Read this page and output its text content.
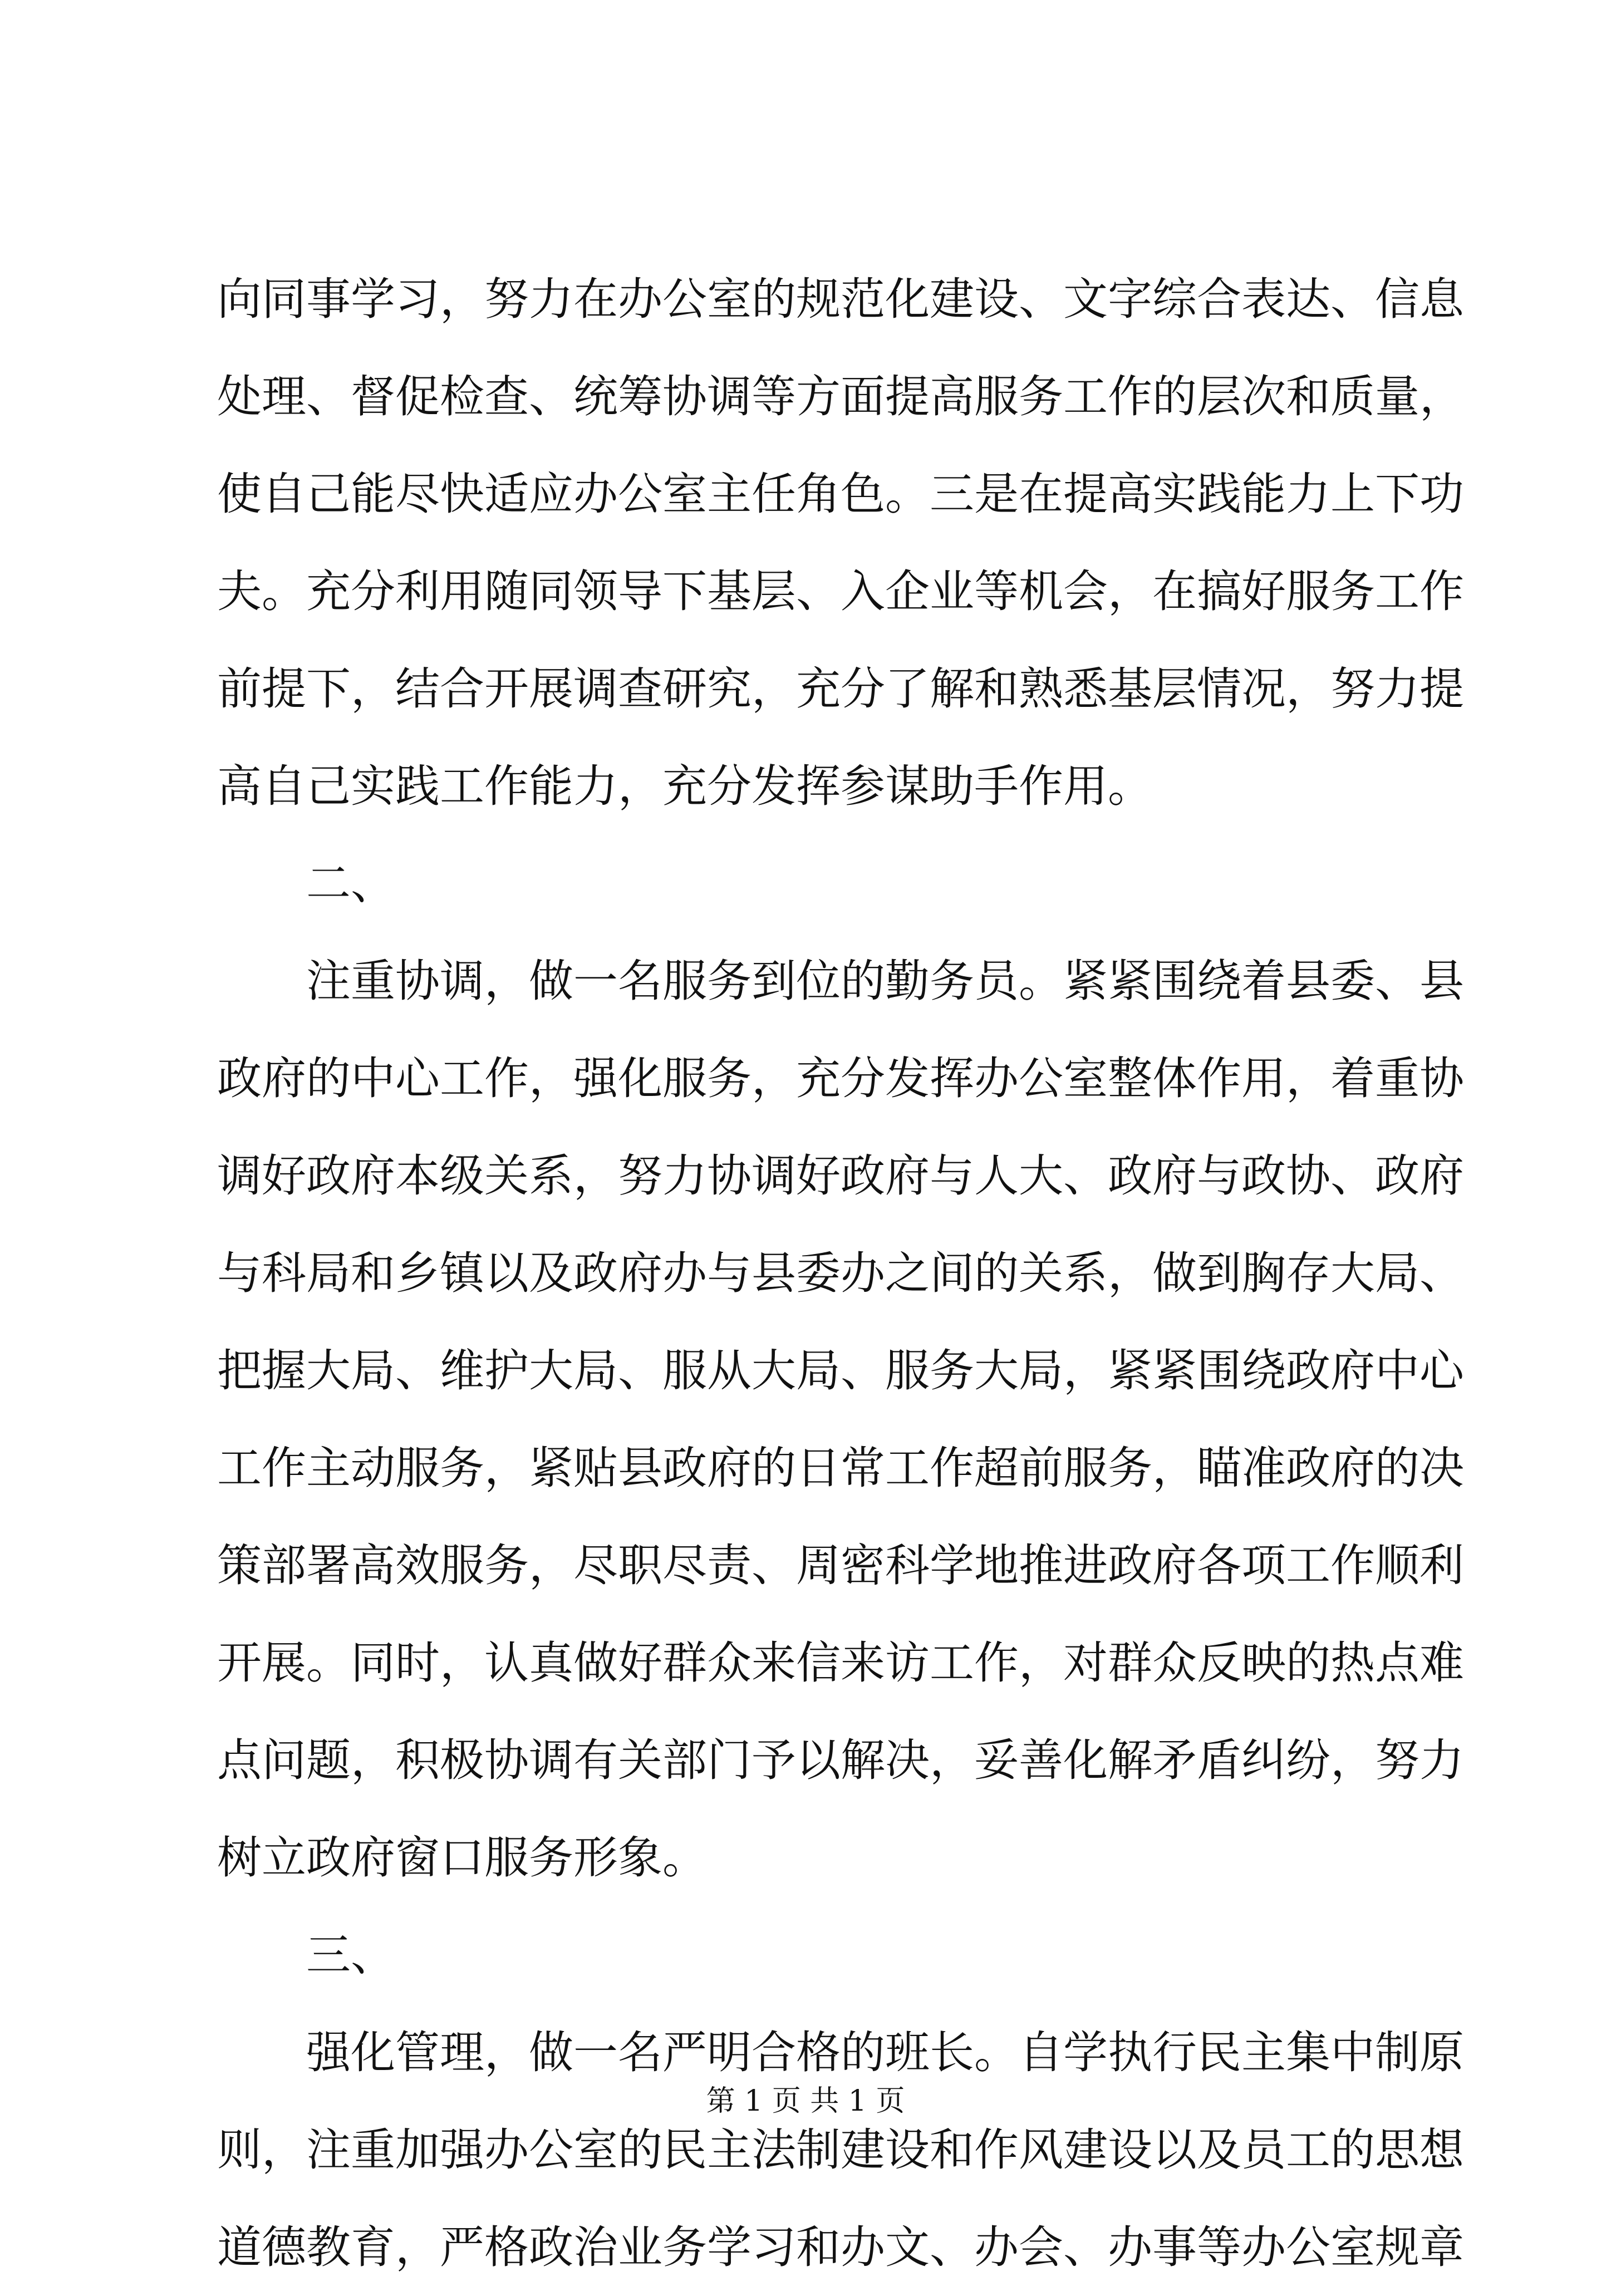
向同事学习，努力在办公室的规范化建设、文字综合表达、信息
处理、督促检查、统筹协调等方面提高服务工作的层次和质量，
使自己能尽快适应办公室主任角色。三是在提高实践能力上下功
夫。充分利用随同领导下基层、入企业等机会，在搞好服务工作
前提下，结合开展调查研究，充分了解和熟悉基层情况，努力提
高自己实践工作能力，充分发挥参谋助手作用。
二、
注重协调，做一名服务到位的勤务员。紧紧围绕着县委、县
政府的中心工作，强化服务，充分发挥办公室整体作用，着重协
调好政府本级关系，努力协调好政府与人大、政府与政协、政府
与科局和乡镇以及政府办与县委办之间的关系，做到胸存大局、
把握大局、维护大局、服从大局、服务大局，紧紧围绕政府中心
工作主动服务，紧贴县政府的日常工作超前服务，瞄准政府的决
策部署高效服务，尽职尽责、周密科学地推进政府各项工作顺利
开展。同时，认真做好群众来信来访工作，对群众反映的热点难
点问题，积极协调有关部门予以解决，妥善化解矛盾纠纷，努力
树立政府窗口服务形象。
三、
强化管理，做一名严明合格的班长。自学执行民主集中制原
则，注重加强办公室的民主法制建设和作风建设以及员工的思想
道德教育，严格政治业务学习和办文、办会、办事等办公室规章
第 1 页 共 1 页
